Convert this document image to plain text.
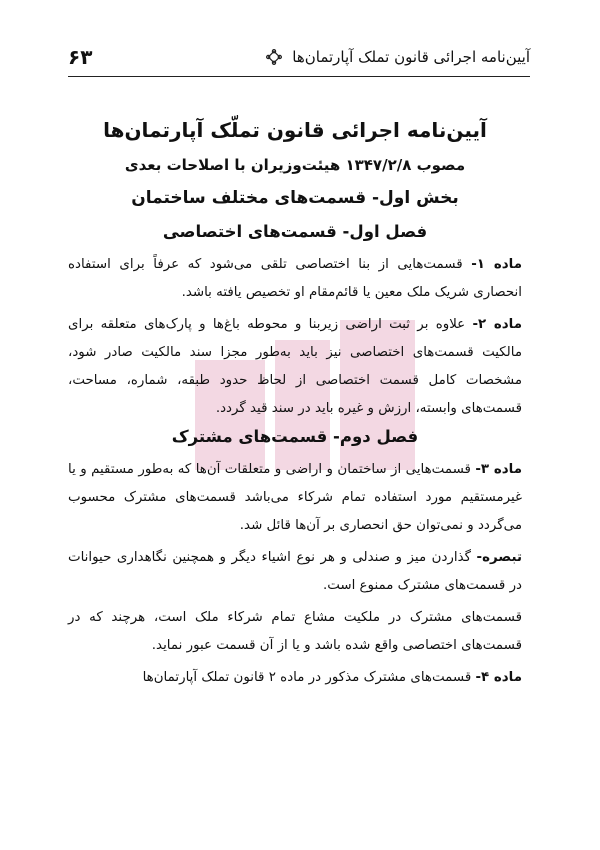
آیین‌نامه اجرائی قانون تملک آپارتمان‌ها
۶۳
آیین‌نامه اجرائی قانون تملّک آپارتمان‌ها
مصوب ۱۳۴۷/۲/۸ هیئت‌وزیران با اصلاحات بعدی
بخش اول- قسمت‌های مختلف ساختمان
فصل اول- قسمت‌های اختصاصی

ماده ۱- قسمت‌هایی از بنا اختصاصی تلقی می‌شود که عرفاً برای استفاده انحصاری شریک ملک معین یا قائم‌مقام او تخصیص یافته باشد.

ماده ۲- علاوه بر ثبت اراضی زیربنا و محوطه باغ‌ها و پارک‌های متعلقه برای مالکیت قسمت‌های اختصاصی نیز باید به‌طور مجزا سند مالکیت صادر شود، مشخصات کامل قسمت اختصاصی از لحاظ حدود طبقه، شماره، مساحت، قسمت‌های وابسته، ارزش و غیره باید در سند قید گردد.

فصل دوم- قسمت‌های مشترک

ماده ۳- قسمت‌هایی از ساختمان و اراضی و متعلقات آن‌ها که به‌طور مستقیم و یا غیرمستقیم مورد استفاده تمام شرکاء می‌باشد قسمت‌های مشترک محسوب می‌گردد و نمی‌توان حق انحصاری بر آن‌ها قائل شد.

تبصره- گذاردن میز و صندلی و هر نوع اشیاء دیگر و همچنین نگاهداری حیوانات در قسمت‌های مشترک ممنوع است.

قسمت‌های مشترک در ملکیت مشاع تمام شرکاء ملک است، هرچند که در قسمت‌های اختصاصی واقع شده باشد و یا از آن قسمت عبور نماید.

ماده ۴- قسمت‌های مشترک مذکور در ماده ۲ قانون تملک آپارتمان‌ها
